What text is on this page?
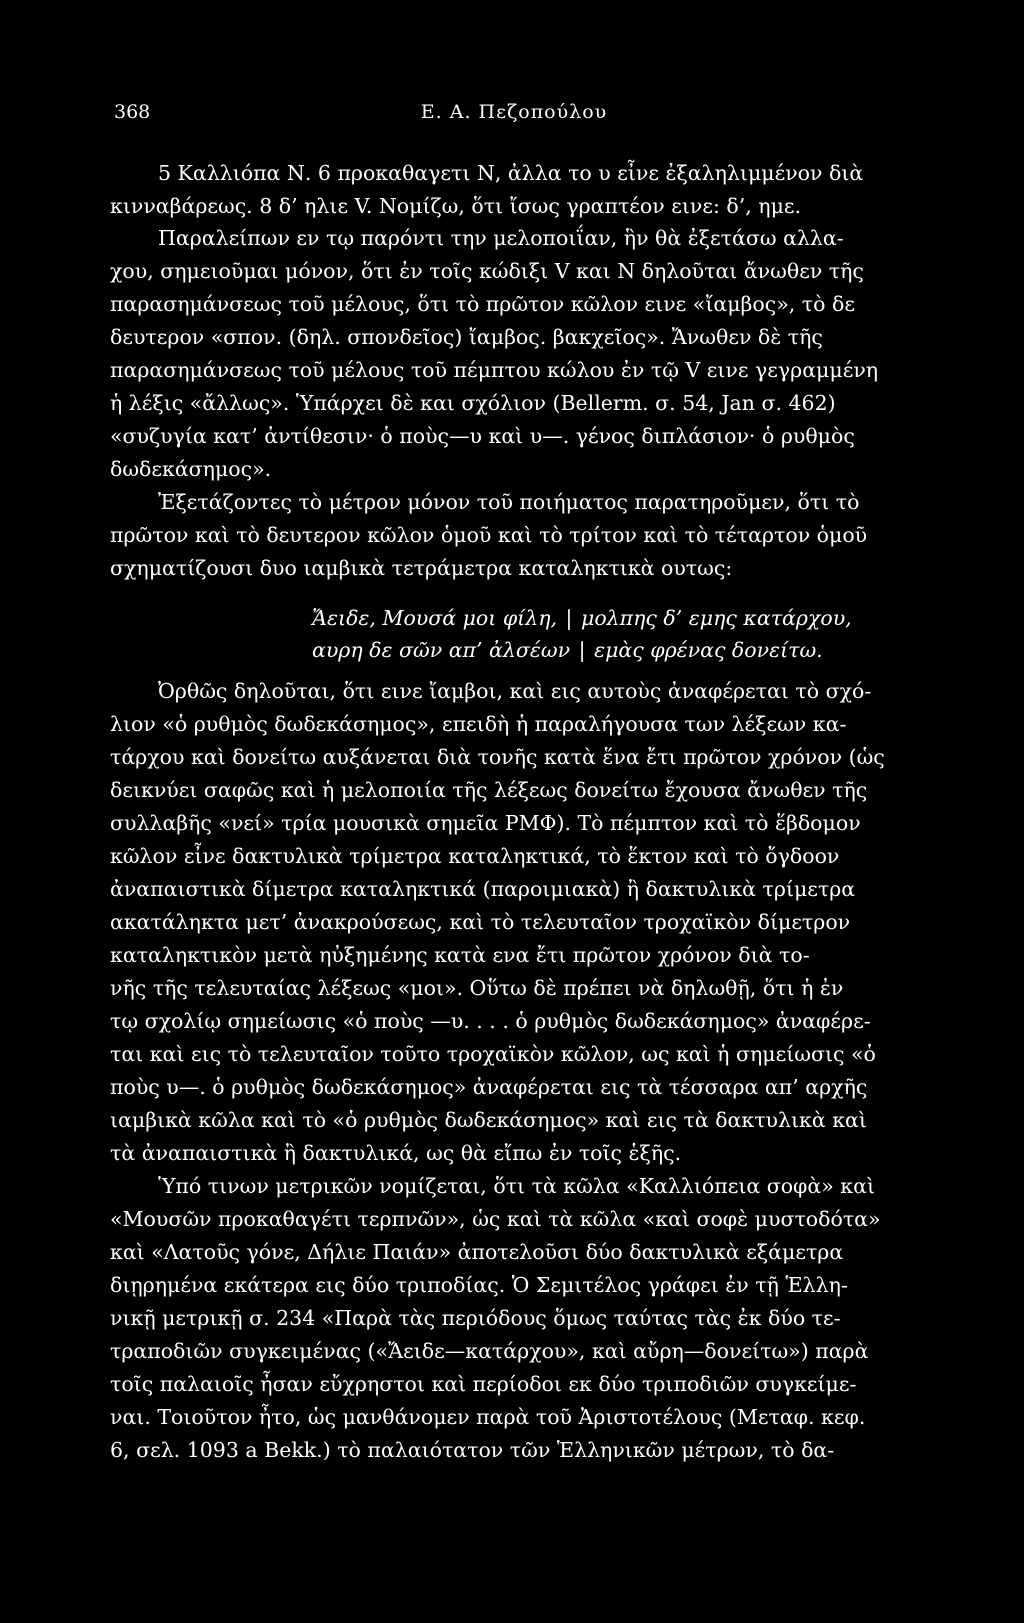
368	Ε. Α. Πεζοπούλου
5 Καλλιόπα Ν. 6 προκαθαγετι Ν, ἀλλα το υ εἶνε ἐξαληλιμμένον διὰ
κινναβάρεως. 8 δ’ ηλιε V. Νομίζω, ὅτι ἴσως γραπτέον εινε: δ’, ημε.
Παραλείπων εν τῳ παρόντι την μελοποιΐαν, ἣν θὰ ἐξετάσω αλλα-
χου, σημειοῦμαι μόνον, ὅτι ἐν τοῖς κώδιξι V και Ν δηλοῦται ἄνωθεν τῆς
παρασημάνσεως τοῦ μέλους, ὅτι τὸ πρῶτον κῶλον εινε «ἴαμβος», τὸ δε
δευτερον «σπον. (δηλ. σπονδεῖος) ἴαμβος. βακχεῖος». Ἄνωθεν δὲ τῆς
παρασημάνσεως τοῦ μέλους τοῦ πέμπτου κώλου ἐν τῷ V εινε γεγραμμένη
ἡ λέξις «ἄλλως». Ὑπάρχει δὲ και σχόλιον (Bellerm. σ. 54, Jan σ. 462)
«συζυγία κατ’ ἀντίθεσιν· ὁ ποὺς—υ καὶ υ—. γένος διπλάσιον· ὁ ρυθμὸς
δωδεκάσημος».
Ἐξετάζοντες τὸ μέτρον μόνον τοῦ ποιήματος παρατηροῦμεν, ὅτι τὸ
πρῶτον καὶ τὸ δευτερον κῶλον ὁμοῦ καὶ τὸ τρίτον καὶ τὸ τέταρτον ὁμοῦ
σχηματίζουσι δυο ιαμβικὰ τετράμετρα καταληκτικὰ ουτως:
Ἄειδε, Μουσά μοι φίλη, | μολπης δ’ εμης κατάρχου,
αυρη δε σῶν απ’ ἀλσέων | εμὰς φρένας δονείτω.
Ὀρθῶς δηλοῦται, ὅτι εινε ἴαμβοι, καὶ εις αυτοὺς ἀναφέρεται τὸ σχό-
λιον «ὁ ρυθμὸς δωδεκάσημος», επειδὴ ἡ παραλήγουσα των λέξεων κα-
τάρχου καὶ δονείτω αυξάνεται διὰ τονῆς κατὰ ἕνα ἔτι πρῶτον χρόνον (ὡς
δεικνύει σαφῶς καὶ ἡ μελοποιία τῆς λέξεως δονείτω ἔχουσα ἄνωθεν τῆς
συλλαβῆς «νεί» τρία μουσικὰ σημεῖα ΡΜΦ). Τὸ πέμπτον καὶ τὸ ἕβδομον
κῶλον εἶνε δακτυλικὰ τρίμετρα καταληκτικά, τὸ ἕκτον καὶ τὸ ὄγδοον
ἀναπαιστικὰ δίμετρα καταληκτικά (παροιμιακὰ) ἢ δακτυλικὰ τρίμετρα
ακατάληκτα μετ’ ἀνακρούσεως, καὶ τὸ τελευταῖον τροχαϊκὸν δίμετρον
καταληκτικὸν μετὰ ηὐξημένης κατὰ ενα ἔτι πρῶτον χρόνον διὰ το-
νῆς τῆς τελευταίας λέξεως «μοι». Οὕτω δὲ πρέπει νὰ δηλωθῇ, ὅτι ἡ ἐν
τῳ σχολίῳ σημείωσις «ὁ ποὺς —υ. . . . ὁ ρυθμὸς δωδεκάσημος» ἀναφέρε-
ται καὶ εις τὸ τελευταῖον τοῦτο τροχαϊκὸν κῶλον, ως καὶ ἡ σημείωσις «ὁ
ποὺς υ—. ὁ ρυθμὸς δωδεκάσημος» ἀναφέρεται εις τὰ τέσσαρα απ’ αρχῆς
ιαμβικὰ κῶλα καὶ τὸ «ὁ ρυθμὸς δωδεκάσημος» καὶ εις τὰ δακτυλικὰ καὶ
τὰ ἀναπαιστικὰ ἢ δακτυλικά, ως θὰ εἴπω ἐν τοῖς ἑξῆς.
Ὑπό τινων μετρικῶν νομίζεται, ὅτι τὰ κῶλα «Καλλιόπεια σοφὰ» καὶ
«Μουσῶν προκαθαγέτι τερπνῶν», ὡς καὶ τὰ κῶλα «καὶ σοφὲ μυστοδότα»
καὶ «Λατοῦς γόνε, Δήλιε Παιάν» ἀποτελοῦσι δύο δακτυλικὰ εξάμετρα
διῃρημένα εκάτερα εις δύο τριποδίας. Ὁ Σεμιτέλος γράφει ἐν τῇ Ἑλλη-
νικῇ μετρικῇ σ. 234 «Παρὰ τὰς περιόδους ὅμως ταύτας τὰς ἐκ δύο τε-
τραποδιῶν συγκειμένας («Ἄειδε—κατάρχου», καὶ αὔρη—δονείτω») παρὰ
τοῖς παλαιοῖς ἦσαν εὔχρηστοι καὶ περίοδοι εκ δύο τριποδιῶν συγκείμε-
ναι. Τοιοῦτον ἦτο, ὡς μανθάνομεν παρὰ τοῦ Ἀριστοτέλους (Μεταφ. κεφ.
6, σελ. 1093 a Bekk.) τὸ παλαιότατον τῶν Ἑλληνικῶν μέτρων, τὸ δα-
